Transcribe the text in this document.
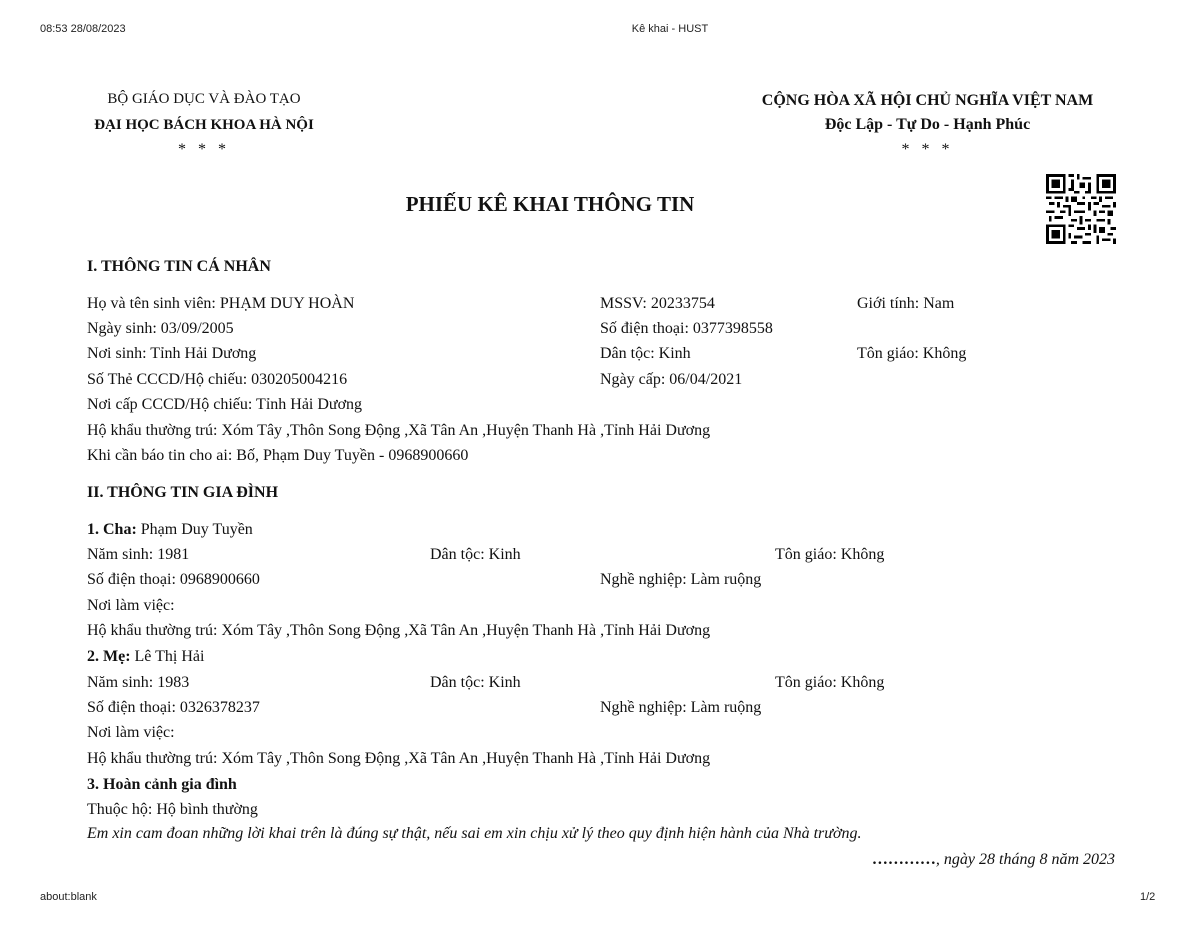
08:53 28/08/2023	Kê khai - HUST
about:blank	1/2
BỘ GIÁO DỤC VÀ ĐÀO TẠO
ĐẠI HỌC BÁCH KHOA HÀ NỘI
* * *
CỘNG HÒA XÃ HỘI CHỦ NGHĨA VIỆT NAM
Độc Lập - Tự Do - Hạnh Phúc
* * *
PHIẾU KÊ KHAI THÔNG TIN
I. THÔNG TIN CÁ NHÂN
Họ và tên sinh viên: PHẠM DUY HOÀN	MSSV: 20233754	Giới tính: Nam
Ngày sinh: 03/09/2005	Số điện thoại: 0377398558
Nơi sinh: Tỉnh Hải Dương	Dân tộc: Kinh	Tôn giáo: Không
Số Thẻ CCCD/Hộ chiếu: 030205004216	Ngày cấp: 06/04/2021
Nơi cấp CCCD/Hộ chiếu: Tỉnh Hải Dương
Hộ khẩu thường trú: Xóm Tây ,Thôn Song Động ,Xã Tân An ,Huyện Thanh Hà ,Tỉnh Hải Dương
Khi cần báo tin cho ai: Bố, Phạm Duy Tuyền - 0968900660
II. THÔNG TIN GIA ĐÌNH
1. Cha: Phạm Duy Tuyền
Năm sinh: 1981	Dân tộc: Kinh	Tôn giáo: Không
Số điện thoại: 0968900660	Nghề nghiệp: Làm ruộng
Nơi làm việc:
Hộ khẩu thường trú: Xóm Tây ,Thôn Song Động ,Xã Tân An ,Huyện Thanh Hà ,Tỉnh Hải Dương
2. Mẹ: Lê Thị Hải
Năm sinh: 1983	Dân tộc: Kinh	Tôn giáo: Không
Số điện thoại: 0326378237	Nghề nghiệp: Làm ruộng
Nơi làm việc:
Hộ khẩu thường trú: Xóm Tây ,Thôn Song Động ,Xã Tân An ,Huyện Thanh Hà ,Tỉnh Hải Dương
3. Hoàn cảnh gia đình
Thuộc hộ: Hộ bình thường
Em xin cam đoan những lời khai trên là đúng sự thật, nếu sai em xin chịu xử lý theo quy định hiện hành của Nhà trường.
…………, ngày 28 tháng 8 năm 2023
